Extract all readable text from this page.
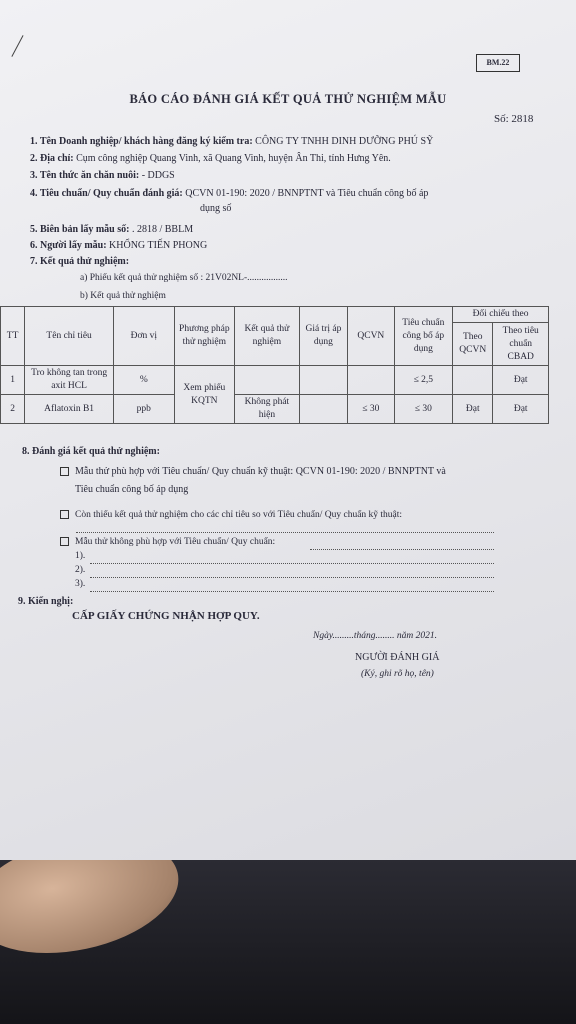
BM.22
BÁO CÁO ĐÁNH GIÁ KẾT QUẢ THỬ NGHIỆM MẪU
Số: 2818
1. Tên Doanh nghiệp/ khách hàng đăng ký kiểm tra: CÔNG TY TNHH DINH DƯỠNG PHÚ SỸ
2. Địa chỉ: Cụm công nghiệp Quang Vinh, xã Quang Vinh, huyện Ân Thi, tỉnh Hưng Yên.
3. Tên thức ăn chăn nuôi: - DDGS
4. Tiêu chuẩn/ Quy chuẩn đánh giá: QCVN 01-190: 2020 / BNNPTNT và Tiêu chuẩn công bố áp
dụng số
5. Biên bản lấy mẫu số: . 2818 / BBLM
6. Người lấy mẫu: KHỔNG TIẾN PHONG
7. Kết quả thử nghiệm:
a) Phiếu kết quả thử nghiệm số : 21V02NL-.................
b) Kết quả thử nghiệm
TT	Tên chỉ tiêu	Đơn vị	Phương pháp thử nghiệm	Kết quả thử nghiệm	Giá trị áp dụng	QCVN	Tiêu chuẩn công bố áp dụng	Đối chiếu theo	
								Theo QCVN	Theo tiêu chuẩn CBAD
1	Tro không tan trong axit HCL	%	Xem phiếu KQTN				≤ 2,5		Đạt
2	Aflatoxin B1	ppb		Không phát hiện		≤ 30	≤ 30	Đạt	Đạt
8. Đánh giá kết quả thử nghiệm:
Mẫu thử phù hợp với Tiêu chuẩn/ Quy chuẩn kỹ thuật: QCVN 01-190: 2020 / BNNPTNT và
Tiêu chuẩn công bố áp dụng
Còn thiếu kết quả thử nghiệm cho các chỉ tiêu so với Tiêu chuẩn/ Quy chuẩn kỹ thuật:
Mẫu thử không phù hợp với Tiêu chuẩn/ Quy chuẩn:
1).
2).
3).
9. Kiến nghị:
CẤP GIẤY CHỨNG NHẬN HỢP QUY.
Ngày.........tháng........ năm 2021.
NGƯỜI ĐÁNH GIÁ
(Ký, ghi rõ họ, tên)
